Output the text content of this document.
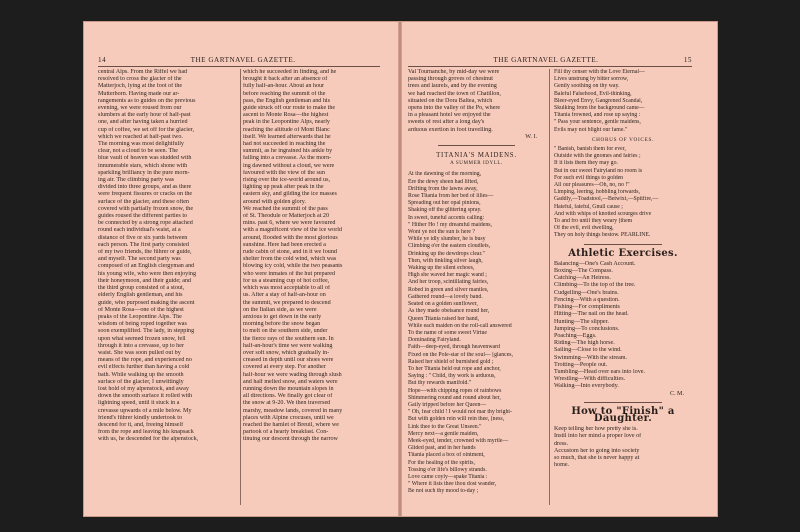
14	THE GARTNAVEL GAZETTE.
central Alps. From the Riffel we had
resolved to cross the glacier of the
Matterjoch, lying at the foot of the
Mutterhorn. Having made our ar-
rangements as to guides on the previous
evening, we were roused from our
slumbers at the early hour of half-past
one, and after having taken a hurried
cup of coffee, we set off for the glacier,
which we reached at half-past two.
The morning was most delightfully
clear, not a cloud to be seen. The
blue vault of heaven was studded with
innumerable stars, which shone with
sparkling brilliancy in the pure morn-
ing air. The climbing party was
divided into three groups, and as there
were frequent fissures or cracks on the
surface of the glacier, and these often
covered with partially frozen snow, the
guides roused the different parties to
be connected by a strong rope attached
round each individual's waist, at a
distance of five or six yards between
each person. The first party consisted
of my two friends, the führer or guide,
and myself. The second party was
composed of an English clergyman and
his young wife, who were then enjoying
their honeymoon, and their guide; and
the third group consisted of a stout,
elderly English gentleman, and his
guide, who purposed making the ascent
of Monte Rosa—one of the highest
peaks of the Leopontine Alps. The
wisdom of being roped together was
soon exemplified. The lady, in stepping
upon what seemed frozen snow, fell
through it into a crevasse, up to her
waist. She was soon pulled out by
means of the rope, and experienced no
evil effects further than having a cold
bath. While walking up the smooth
surface of the glacier, I unwittingly
lost hold of my alpenstock, and away
down the smooth surface it rolled with
lightning speed, until it stuck in a
crevasse upwards of a mile below. My
friend's führer kindly undertook to
descend for it, and, freeing himself
from the rope and leaving his knapsack
with us, he descended for the alpenstock,
which he succeeded in finding, and he
brought it back after an absence of
fully half-an-hour. About an hour
before reaching the summit of the
pass, the English gentleman and his
guide struck off our route to make the
ascent to Monte Rosa—the highest
peak in the Leopontine Alps, nearly
reaching the altitude of Mont Blanc
itself. We learned afterwards that he
had not succeeded in reaching the
summit, as he ingrained his ankle by
falling into a crevasse. As the morn-
ing dawned without a cloud, we were
favoured with the view of the sun
rising over the ice-world around us,
lighting up peak after peak in the
eastern sky, and gilding the ice masses
around with golden glory.
We reached the summit of the pass
of St. Theodule or Matterjoch at 20
mins. past 6, where we were favoured
with a magnificent view of the ice world
around, flooded with the most glorious
sunshine. Here had been erected a
rude cabin of stone, and in it we found
shelter from the cold wind, which was
blowing icy cold, while the two peasants
who were inmates of the hut prepared
for us a steaming cup of hot coffee,
which was most acceptable to all of
us. After a stay of half-an-hour on
the summit, we prepared to descend
on the Italian side, as we were
anxious to get down in the early
morning before the snow began
to melt on the southern side, under
the fierce rays of the southern sun. In
half-an-hour's time we were walking
over soft snow, which gradually in-
creased in depth until our shoes were
covered at every step. For another
half-hour we were wading through slush
and half melted snow, and waters were
running down the mountain slopes in
all directions. We finally got clear of
the snow at 9-20. We then traversed
marshy, meadow lands, covered in many
places with Alpine crocuses, until we
reached the hamlet of Breuil, where we
partook of a hearty breakfast. Con-
tinuing our descent through the narrow
THE GARTNAVEL GAZETTE.	15
Val Tournanche, by mid-day we were
passing through groves of chestnut
trees and laurels, and by the evening
we had reached the town of Chatillon,
situated on the Dora Baltea, which
opens into the valley of the Po, where
in a pleasant hotel we enjoyed the
sweets of rest after a long day's
arduous exertion in foot travelling.
W. I.
TITANIA'S MAIDENS.
A SUMMER IDYLL.
At the dawning of the morning,
Ere the dewy sheen had lifted,
Drifting from the lawns away,
Rose Titania from her bed of lilies—
Spreading out her opal pinions,
Shaking off the glittering spray.
In sweet, tuneful accents calling:
" Hither Ho ! my dreamful maidens,
Wont ye not the sun is here ?
While ye idly slumber, he is busy
Climbing o'er the eastern cloudlets,
Drinking up the dewdrops clear."
Then, with tinkling silver laugh,
Waking up the silent echoes,
High she waved her magic wand ;
And her troop, scintillating fairies,
Robed in green and silver mantles,
Gathered round—a lovely band.
Seated on a golden sunflower,
As they made obeisance round her,
Queen Titania raised her hand,
While each maiden on the roll-call answered
To the name of some sweet Virtue
Dominating Fairyland.
Faith—deep-eyed, through heavenward
Fixed on the Pole-star of the soul— [glances,
Raised her shield of burnished gold ;
To her Titania held out rope and anchor,
Saying : " Child, thy work is arduous,
But thy rewards manifold."
Hope—with chipping ropes of rainbows
Shimmering round and round about her,
Gaily tripped before her Queen—
" Oh, fear child ! I would not mar thy bright-
But with golden rein will rein thee, [ness,
Link thee to the Great Unseen."
Mercy next—a gentle maiden,
Meek-eyed, tender, crowned with myrtle—
Glided past, and in her hands
Titania placed a box of ointment,
For the healing of the spirits,
Tossing o'er life's billowy strands.
Love came coyly—spake Titania :
" Where it lists thee thou dost wander,
Be not such thy mood to-day ;
Fill thy censer with the Love Eternal—
Lives unstrung by bitter sorrow,
Gently soothing on thy way.
Baleful Falsehood, Evil-thinking,
Bleer-eyed Envy, Gangrened Scandal,
Skulking from the background came—
Titania frowned, and rose up saying :
" Pass your sentence, gentle maidens,
Evils may not blight our fame."
CHORUS OF VOICES.
" Banish, banish them for ever,
Outside with the gnomes and fairies ;
If it lists them they may go.
But in our sweet Fairyland no room is
For such evil things to golden
All our pleasures—Oh, no, no !"
Limping, leering, hobbling forwards,
Gaddly,—Toadstool,—Betwixt,—Spitfire,—
Hateful, fateful, Gnull cause ;
And with whips of knotted scourges drive
To and fro until they weary [them
Of the evil, evil dwelling,
They on holy things bestow. PEARLINE.
Athletic Exercises.
Balancing—One's Cash Account.
Boxing—The Compass.
Catching—An Heiress.
Climbing—To the top of the tree.
Cudgelling—One's brains.
Fencing—With a question.
Fishing—For compliments
Hitting—The nail on the head.
Hunting—The slipper.
Jumping—To conclusions.
Poaching—Eggs.
Riding—The high horse.
Sailing—Close to the wind.
Swimming—With the stream.
Trotting—People out.
Tumbling—Head over ears into love.
Wrestling—With difficulties.
Walking—Into everybody.
C. M.
How to "Finish" a Daughter.
Keep telling her how pretty she is.
Instil into her mind a proper love of
dress.
Accustom her to going into society
so much, that she is never happy at
home.
